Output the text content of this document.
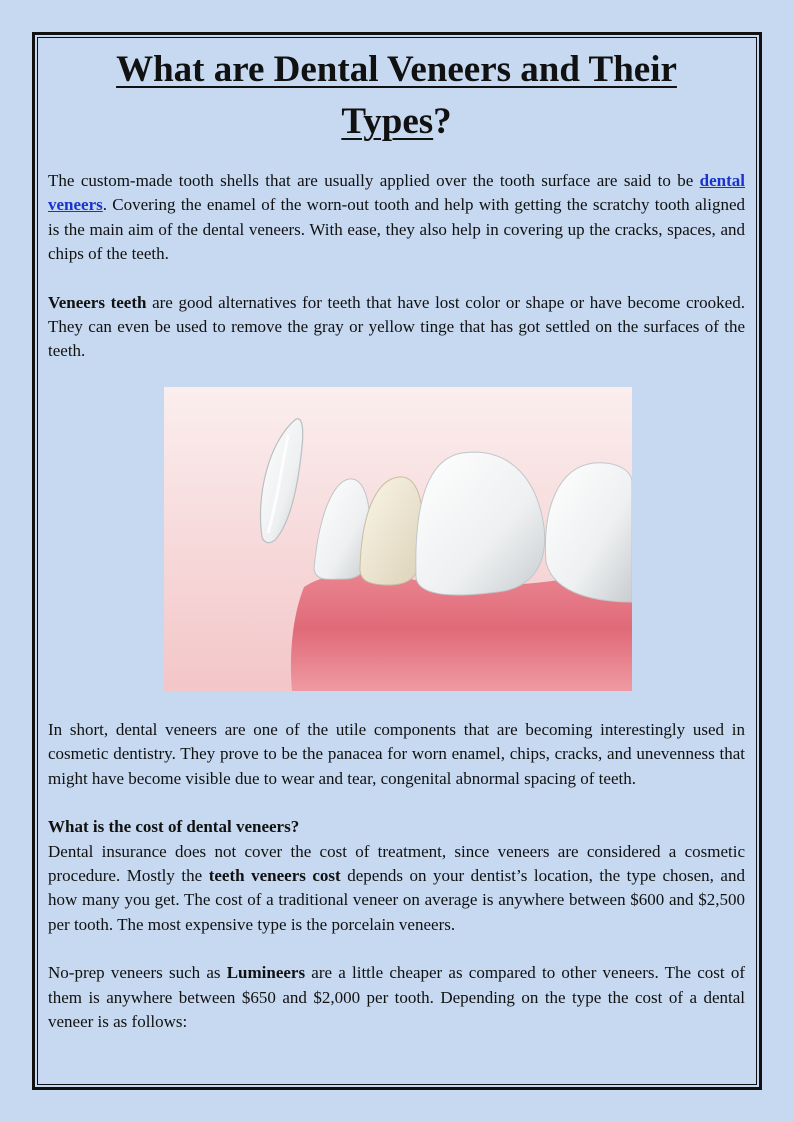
What are Dental Veneers and Their
Types?

The custom-made tooth shells that are usually applied over the tooth surface are said to be dental veneers. Covering the enamel of the worn-out tooth and help with getting the scratchy tooth aligned is the main aim of the dental veneers. With ease, they also help in covering up the cracks, spaces, and chips of the teeth.

Veneers teeth are good alternatives for teeth that have lost color or shape or have become crooked. They can even be used to remove the gray or yellow tinge that has got settled on the surfaces of the teeth.

In short, dental veneers are one of the utile components that are becoming interestingly used in cosmetic dentistry. They prove to be the panacea for worn enamel, chips, cracks, and unevenness that might have become visible due to wear and tear, congenital abnormal spacing of teeth.

What is the cost of dental veneers?

Dental insurance does not cover the cost of treatment, since veneers are considered a cosmetic procedure. Mostly the teeth veneers cost depends on your dentist’s location, the type chosen, and how many you get. The cost of a traditional veneer on average is anywhere between $600 and $2,500 per tooth. The most expensive type is the porcelain veneers.

No-prep veneers such as Lumineers are a little cheaper as compared to other veneers. The cost of them is anywhere between $650 and $2,000 per tooth. Depending on the type the cost of a dental veneer is as follows:
